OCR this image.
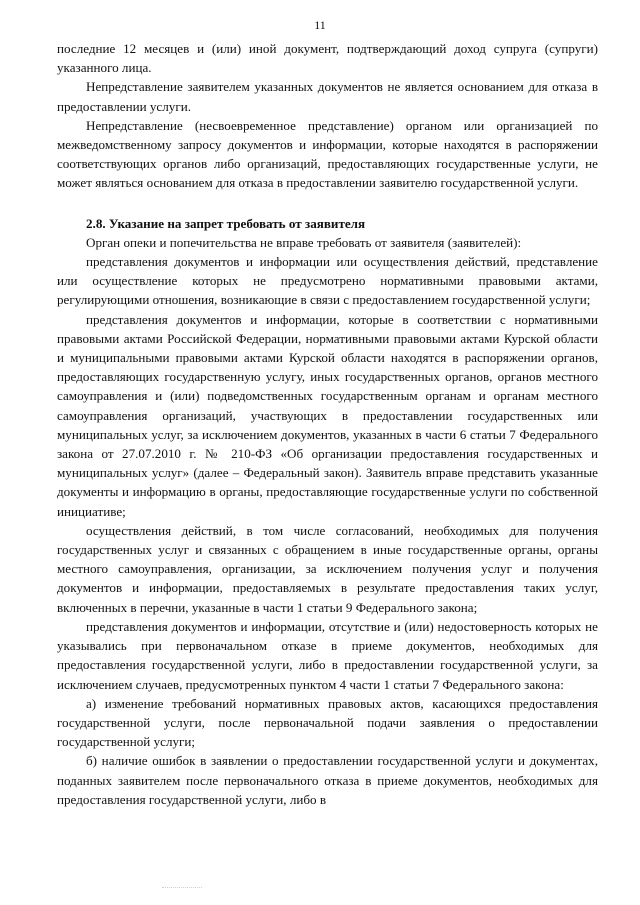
11

последние 12 месяцев и (или) иной документ, подтверждающий доход супруга (супруги) указанного лица.

Непредставление заявителем указанных документов не является основанием для отказа в предоставлении услуги.

Непредставление (несвоевременное представление) органом или организацией по межведомственному запросу документов и информации, которые находятся в распоряжении соответствующих органов либо организаций, предоставляющих государственные услуги, не может являться основанием для отказа в предоставлении заявителю государственной услуги.

2.8. Указание на запрет требовать от заявителя

Орган опеки и попечительства не вправе требовать от заявителя (заявителей):

представления документов и информации или осуществления действий, представление или осуществление которых не предусмотрено нормативными правовыми актами, регулирующими отношения, возникающие в связи с предоставлением государственной услуги;

представления документов и информации, которые в соответствии с нормативными правовыми актами Российской Федерации, нормативными правовыми актами Курской области и муниципальными правовыми актами Курской области находятся в распоряжении органов, предоставляющих государственную услугу, иных государственных органов, органов местного самоуправления и (или) подведомственных государственным органам и органам местного самоуправления организаций, участвующих в предоставлении государственных или муниципальных услуг, за исключением документов, указанных в части 6 статьи 7 Федерального закона от 27.07.2010 г. № 210-ФЗ «Об организации предоставления государственных и муниципальных услуг» (далее – Федеральный закон). Заявитель вправе представить указанные документы и информацию в органы, предоставляющие государственные услуги по собственной инициативе;

осуществления действий, в том числе согласований, необходимых для получения государственных услуг и связанных с обращением в иные государственные органы, органы местного самоуправления, организации, за исключением получения услуг и получения документов и информации, предоставляемых в результате предоставления таких услуг, включенных в перечни, указанные в части 1 статьи 9 Федерального закона;

представления документов и информации, отсутствие и (или) недостоверность которых не указывались при первоначальном отказе в приеме документов, необходимых для предоставления государственной услуги, либо в предоставлении государственной услуги, за исключением случаев, предусмотренных пунктом 4 части 1 статьи 7 Федерального закона:

а) изменение требований нормативных правовых актов, касающихся предоставления государственной услуги, после первоначальной подачи заявления о предоставлении государственной услуги;

б) наличие ошибок в заявлении о предоставлении государственной услуги и документах, поданных заявителем после первоначального отказа в приеме документов, необходимых для предоставления государственной услуги, либо в
